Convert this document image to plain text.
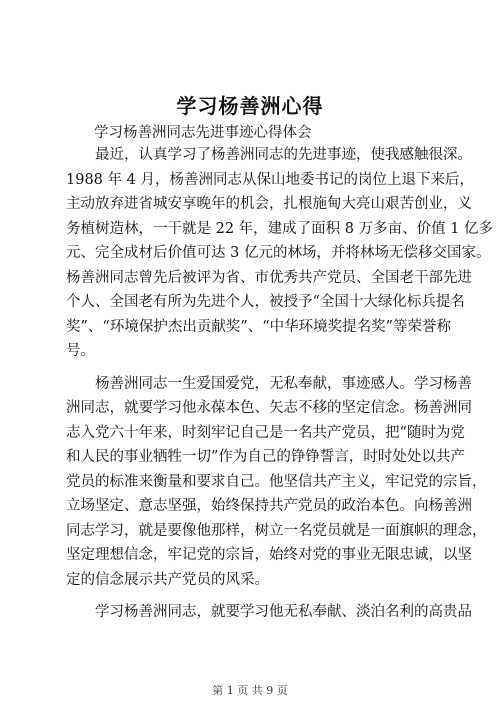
学习杨善洲心得
学习杨善洲同志先进事迹心得体会
　　最近，认真学习了杨善洲同志的先进事迹，使我感触很深。
1988 年 4 月，杨善洲同志从保山地委书记的岗位上退下来后，
主动放弃进省城安享晚年的机会，扎根施甸大亮山艰苦创业，义
务植树造林，一干就是 22 年，建成了面积 8 万多亩、价值 1 亿多
元、完全成材后价值可达 3 亿元的林场，并将林场无偿移交国家。
杨善洲同志曾先后被评为省、市优秀共产党员、全国老干部先进
个人、全国老有所为先进个人，被授予“全国十大绿化标兵提名
奖”、“环境保护杰出贡献奖”、“中华环境奖提名奖”等荣誉称
号。
　　杨善洲同志一生爱国爱党，无私奉献，事迹感人。学习杨善
洲同志，就要学习他永葆本色、矢志不移的坚定信念。杨善洲同
志入党六十年来，时刻牢记自己是一名共产党员，把“随时为党
和人民的事业牺牲一切”作为自己的铮铮誓言，时时处处以共产
党员的标准来衡量和要求自己。他坚信共产主义，牢记党的宗旨，
立场坚定、意志坚强，始终保持共产党员的政治本色。向杨善洲
同志学习，就是要像他那样，树立一名党员就是一面旗帜的理念，
坚定理想信念，牢记党的宗旨，始终对党的事业无限忠诚，以坚
定的信念展示共产党员的风采。
　　学习杨善洲同志，就要学习他无私奉献、淡泊名利的高贵品
第 1 页 共 9 页
